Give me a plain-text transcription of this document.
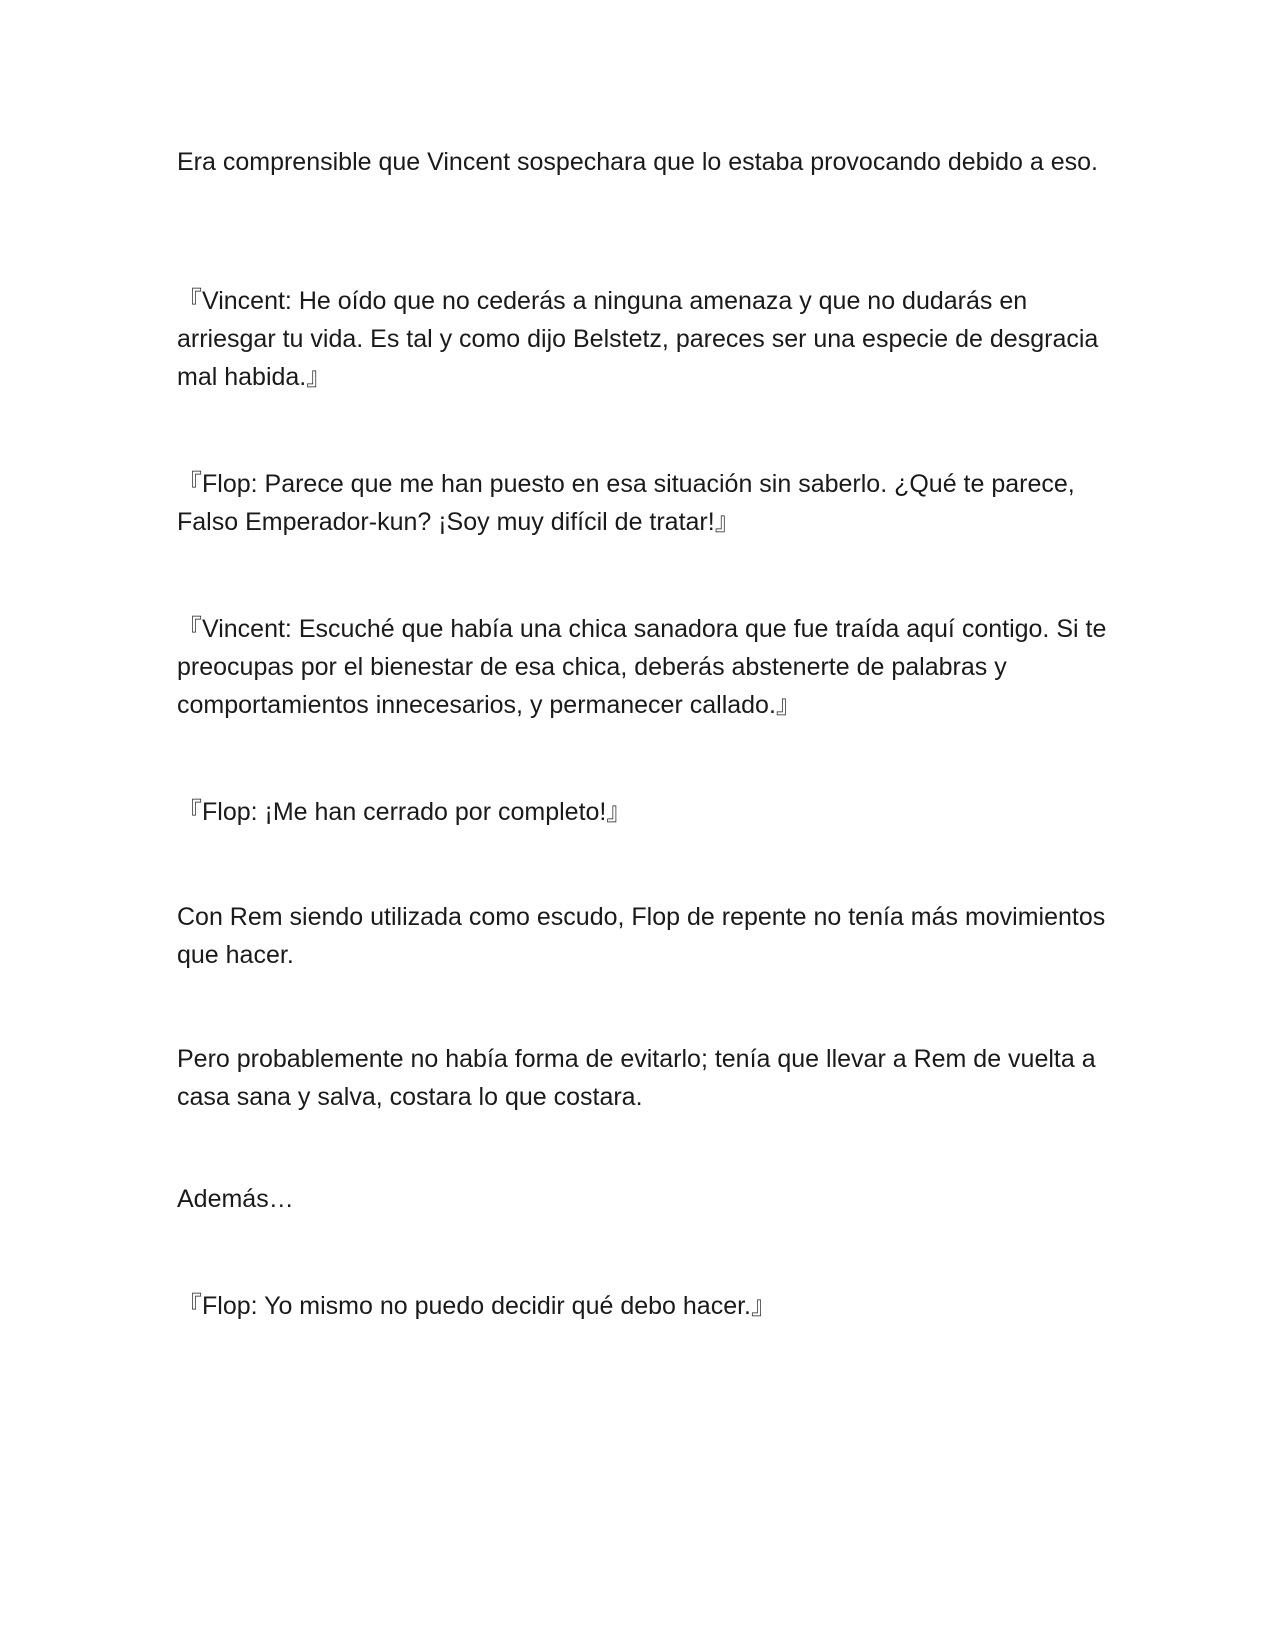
Era comprensible que Vincent sospechara que lo estaba provocando debido a eso.

『Vincent: He oído que no cederás a ninguna amenaza y que no dudarás en arriesgar tu vida. Es tal y como dijo Belstetz, pareces ser una especie de desgracia mal habida.』

『Flop: Parece que me han puesto en esa situación sin saberlo. ¿Qué te parece, Falso Emperador-kun? ¡Soy muy difícil de tratar!』

『Vincent: Escuché que había una chica sanadora que fue traída aquí contigo. Si te preocupas por el bienestar de esa chica, deberás abstenerte de palabras y comportamientos innecesarios, y permanecer callado.』

『Flop: ¡Me han cerrado por completo!』

Con Rem siendo utilizada como escudo, Flop de repente no tenía más movimientos que hacer.

Pero probablemente no había forma de evitarlo; tenía que llevar a Rem de vuelta a casa sana y salva, costara lo que costara.

Además…

『Flop: Yo mismo no puedo decidir qué debo hacer.』
